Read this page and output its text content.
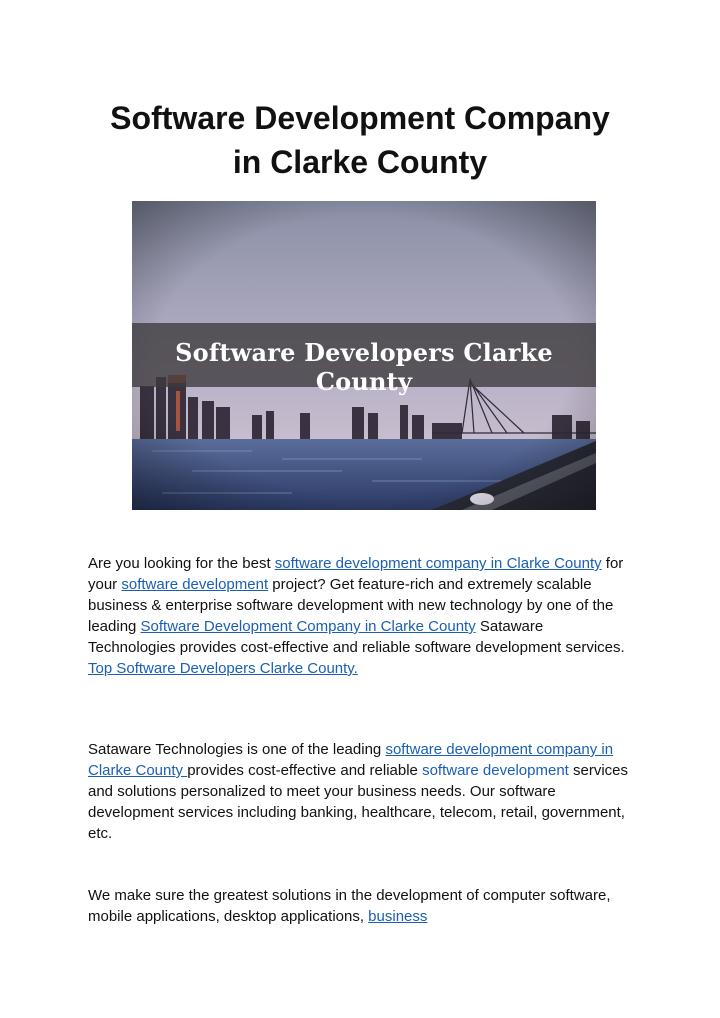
Software Development Company
in Clarke County
Software Developers Clarke County

Are you looking for the best software development company in Clarke County for your software development project? Get feature-rich and extremely scalable business & enterprise software development with new technology by one of the leading Software Development Company in Clarke County Sataware Technologies provides cost-effective and reliable software development services. Top Software Developers Clarke County.

Sataware Technologies is one of the leading software development company in Clarke County provides cost-effective and reliable software development services and solutions personalized to meet your business needs. Our software development services including banking, healthcare, telecom, retail, government, etc.

We make sure the greatest solutions in the development of computer software, mobile applications, desktop applications, business
